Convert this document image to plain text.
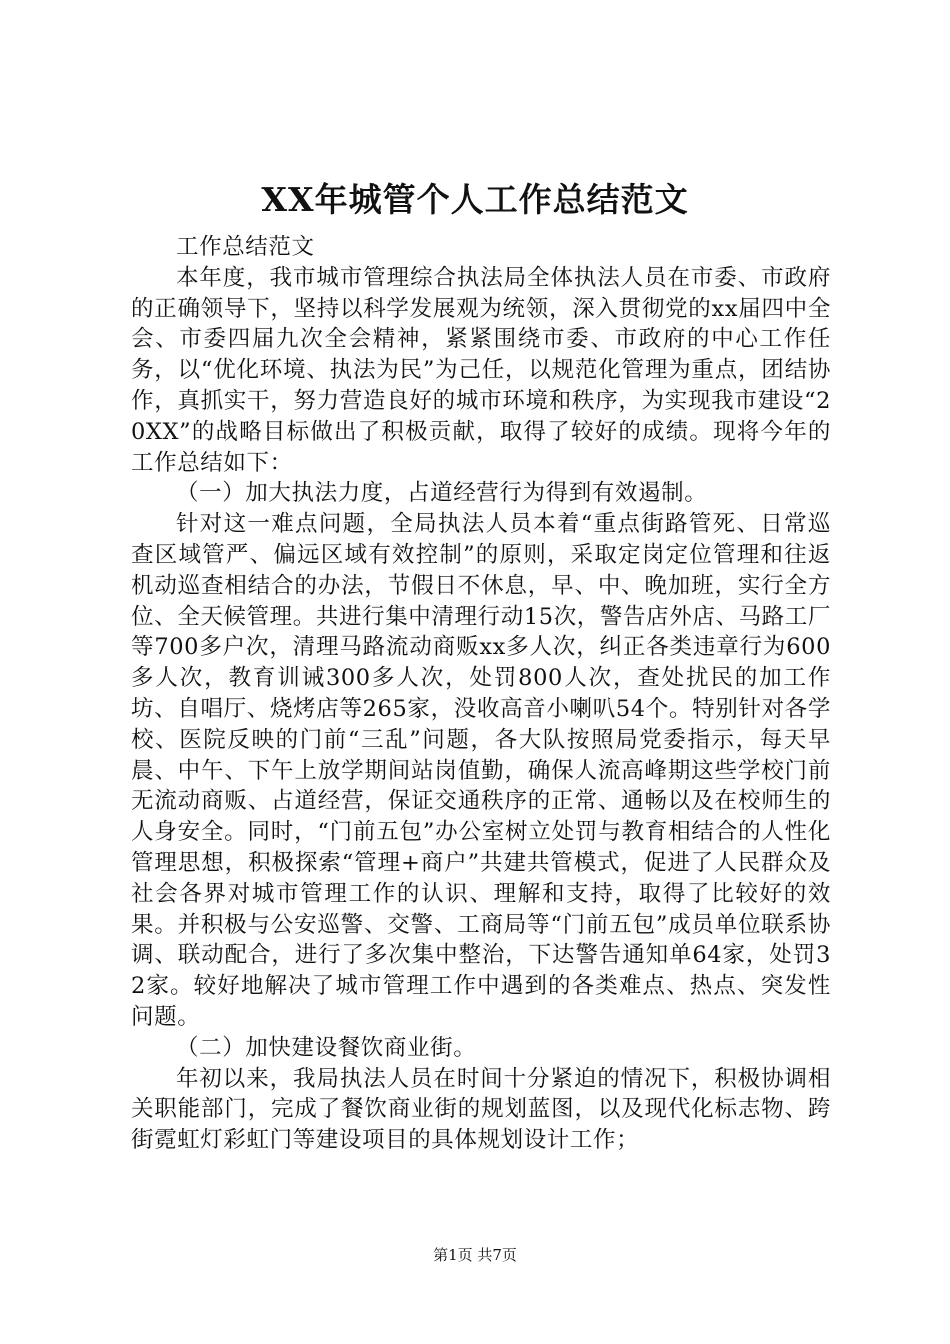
XX年城管个人工作总结范文

工作总结范文

本年度，我市城市管理综合执法局全体执法人员在市委、市政府的正确领导下，坚持以科学发展观为统领，深入贯彻党的xx届四中全会、市委四届九次全会精神，紧紧围绕市委、市政府的中心工作任务，以“优化环境、执法为民”为己任，以规范化管理为重点，团结协作，真抓实干，努力营造良好的城市环境和秩序，为实现我市建设“20XX”的战略目标做出了积极贡献，取得了较好的成绩。现将今年的工作总结如下：

（一）加大执法力度，占道经营行为得到有效遏制。

针对这一难点问题，全局执法人员本着“重点街路管死、日常巡查区域管严、偏远区域有效控制”的原则，采取定岗定位管理和往返机动巡查相结合的办法，节假日不休息，早、中、晚加班，实行全方位、全天候管理。共进行集中清理行动15次，警告店外店、马路工厂等700多户次，清理马路流动商贩xx多人次，纠正各类违章行为600多人次，教育训诫300多人次，处罚800人次，查处扰民的加工作坊、自唱厅、烧烤店等265家，没收高音小喇叭54个。特别针对各学校、医院反映的门前“三乱”问题，各大队按照局党委指示，每天早晨、中午、下午上放学期间站岗值勤，确保人流高峰期这些学校门前无流动商贩、占道经营，保证交通秩序的正常、通畅以及在校师生的人身安全。同时，“门前五包”办公室树立处罚与教育相结合的人性化管理思想，积极探索“管理+商户”共建共管模式，促进了人民群众及社会各界对城市管理工作的认识、理解和支持，取得了比较好的效果。并积极与公安巡警、交警、工商局等“门前五包”成员单位联系协调、联动配合，进行了多次集中整治，下达警告通知单64家，处罚32家。较好地解决了城市管理工作中遇到的各类难点、热点、突发性问题。

（二）加快建设餐饮商业街。

年初以来，我局执法人员在时间十分紧迫的情况下，积极协调相关职能部门，完成了餐饮商业街的规划蓝图，以及现代化标志物、跨街霓虹灯彩虹门等建设项目的具体规划设计工作；

第1页 共7页
